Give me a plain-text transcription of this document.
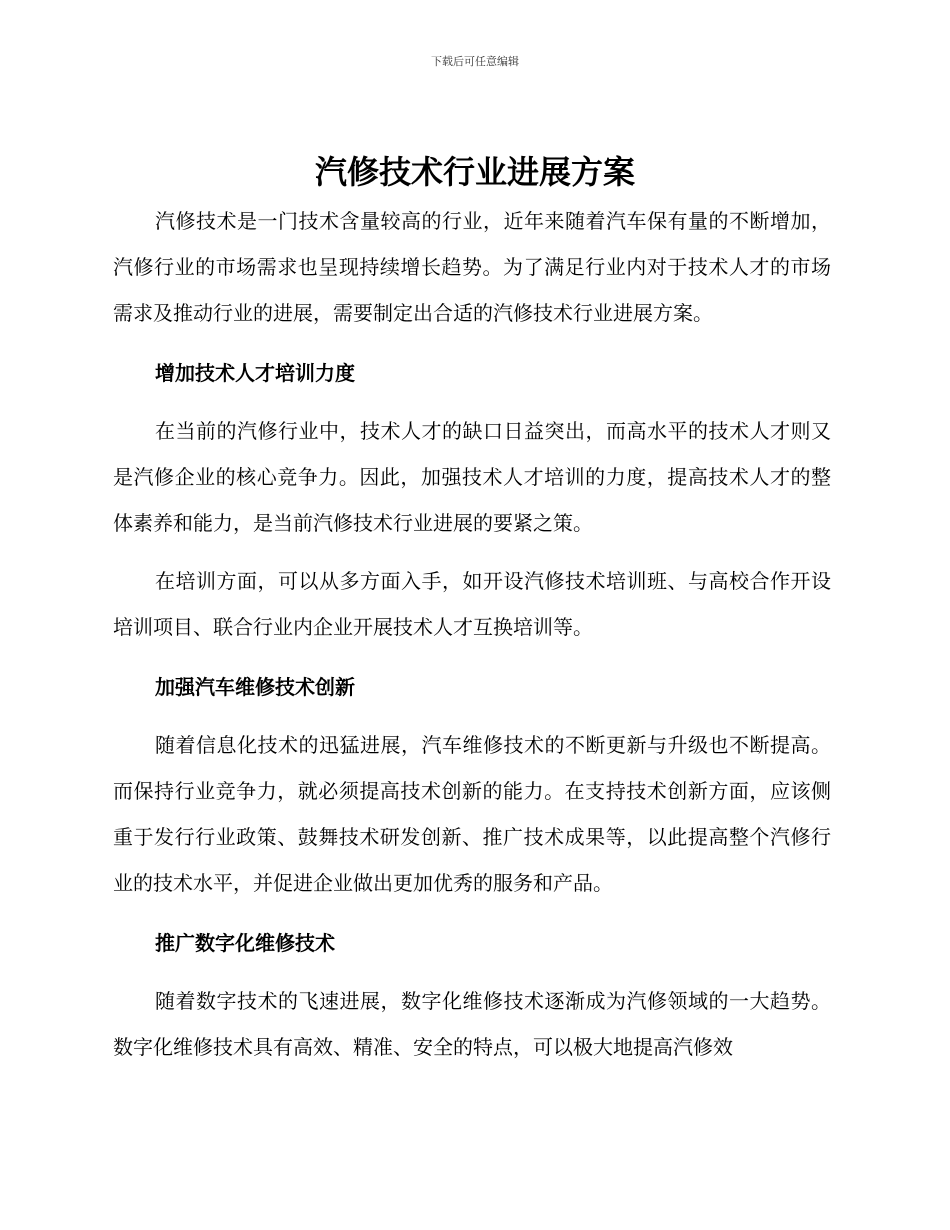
下载后可任意编辑
汽修技术行业进展方案

汽修技术是一门技术含量较高的行业，近年来随着汽车保有量的不断增加，汽修行业的市场需求也呈现持续增长趋势。为了满足行业内对于技术人才的市场需求及推动行业的进展，需要制定出合适的汽修技术行业进展方案。

增加技术人才培训力度

在当前的汽修行业中，技术人才的缺口日益突出，而高水平的技术人才则又是汽修企业的核心竞争力。因此，加强技术人才培训的力度，提高技术人才的整体素养和能力，是当前汽修技术行业进展的要紧之策。

在培训方面，可以从多方面入手，如开设汽修技术培训班、与高校合作开设培训项目、联合行业内企业开展技术人才互换培训等。

加强汽车维修技术创新

随着信息化技术的迅猛进展，汽车维修技术的不断更新与升级也不断提高。而保持行业竞争力，就必须提高技术创新的能力。在支持技术创新方面，应该侧重于发行行业政策、鼓舞技术研发创新、推广技术成果等，以此提高整个汽修行业的技术水平，并促进企业做出更加优秀的服务和产品。

推广数字化维修技术

随着数字技术的飞速进展，数字化维修技术逐渐成为汽修领域的一大趋势。数字化维修技术具有高效、精准、安全的特点，可以极大地提高汽修效
